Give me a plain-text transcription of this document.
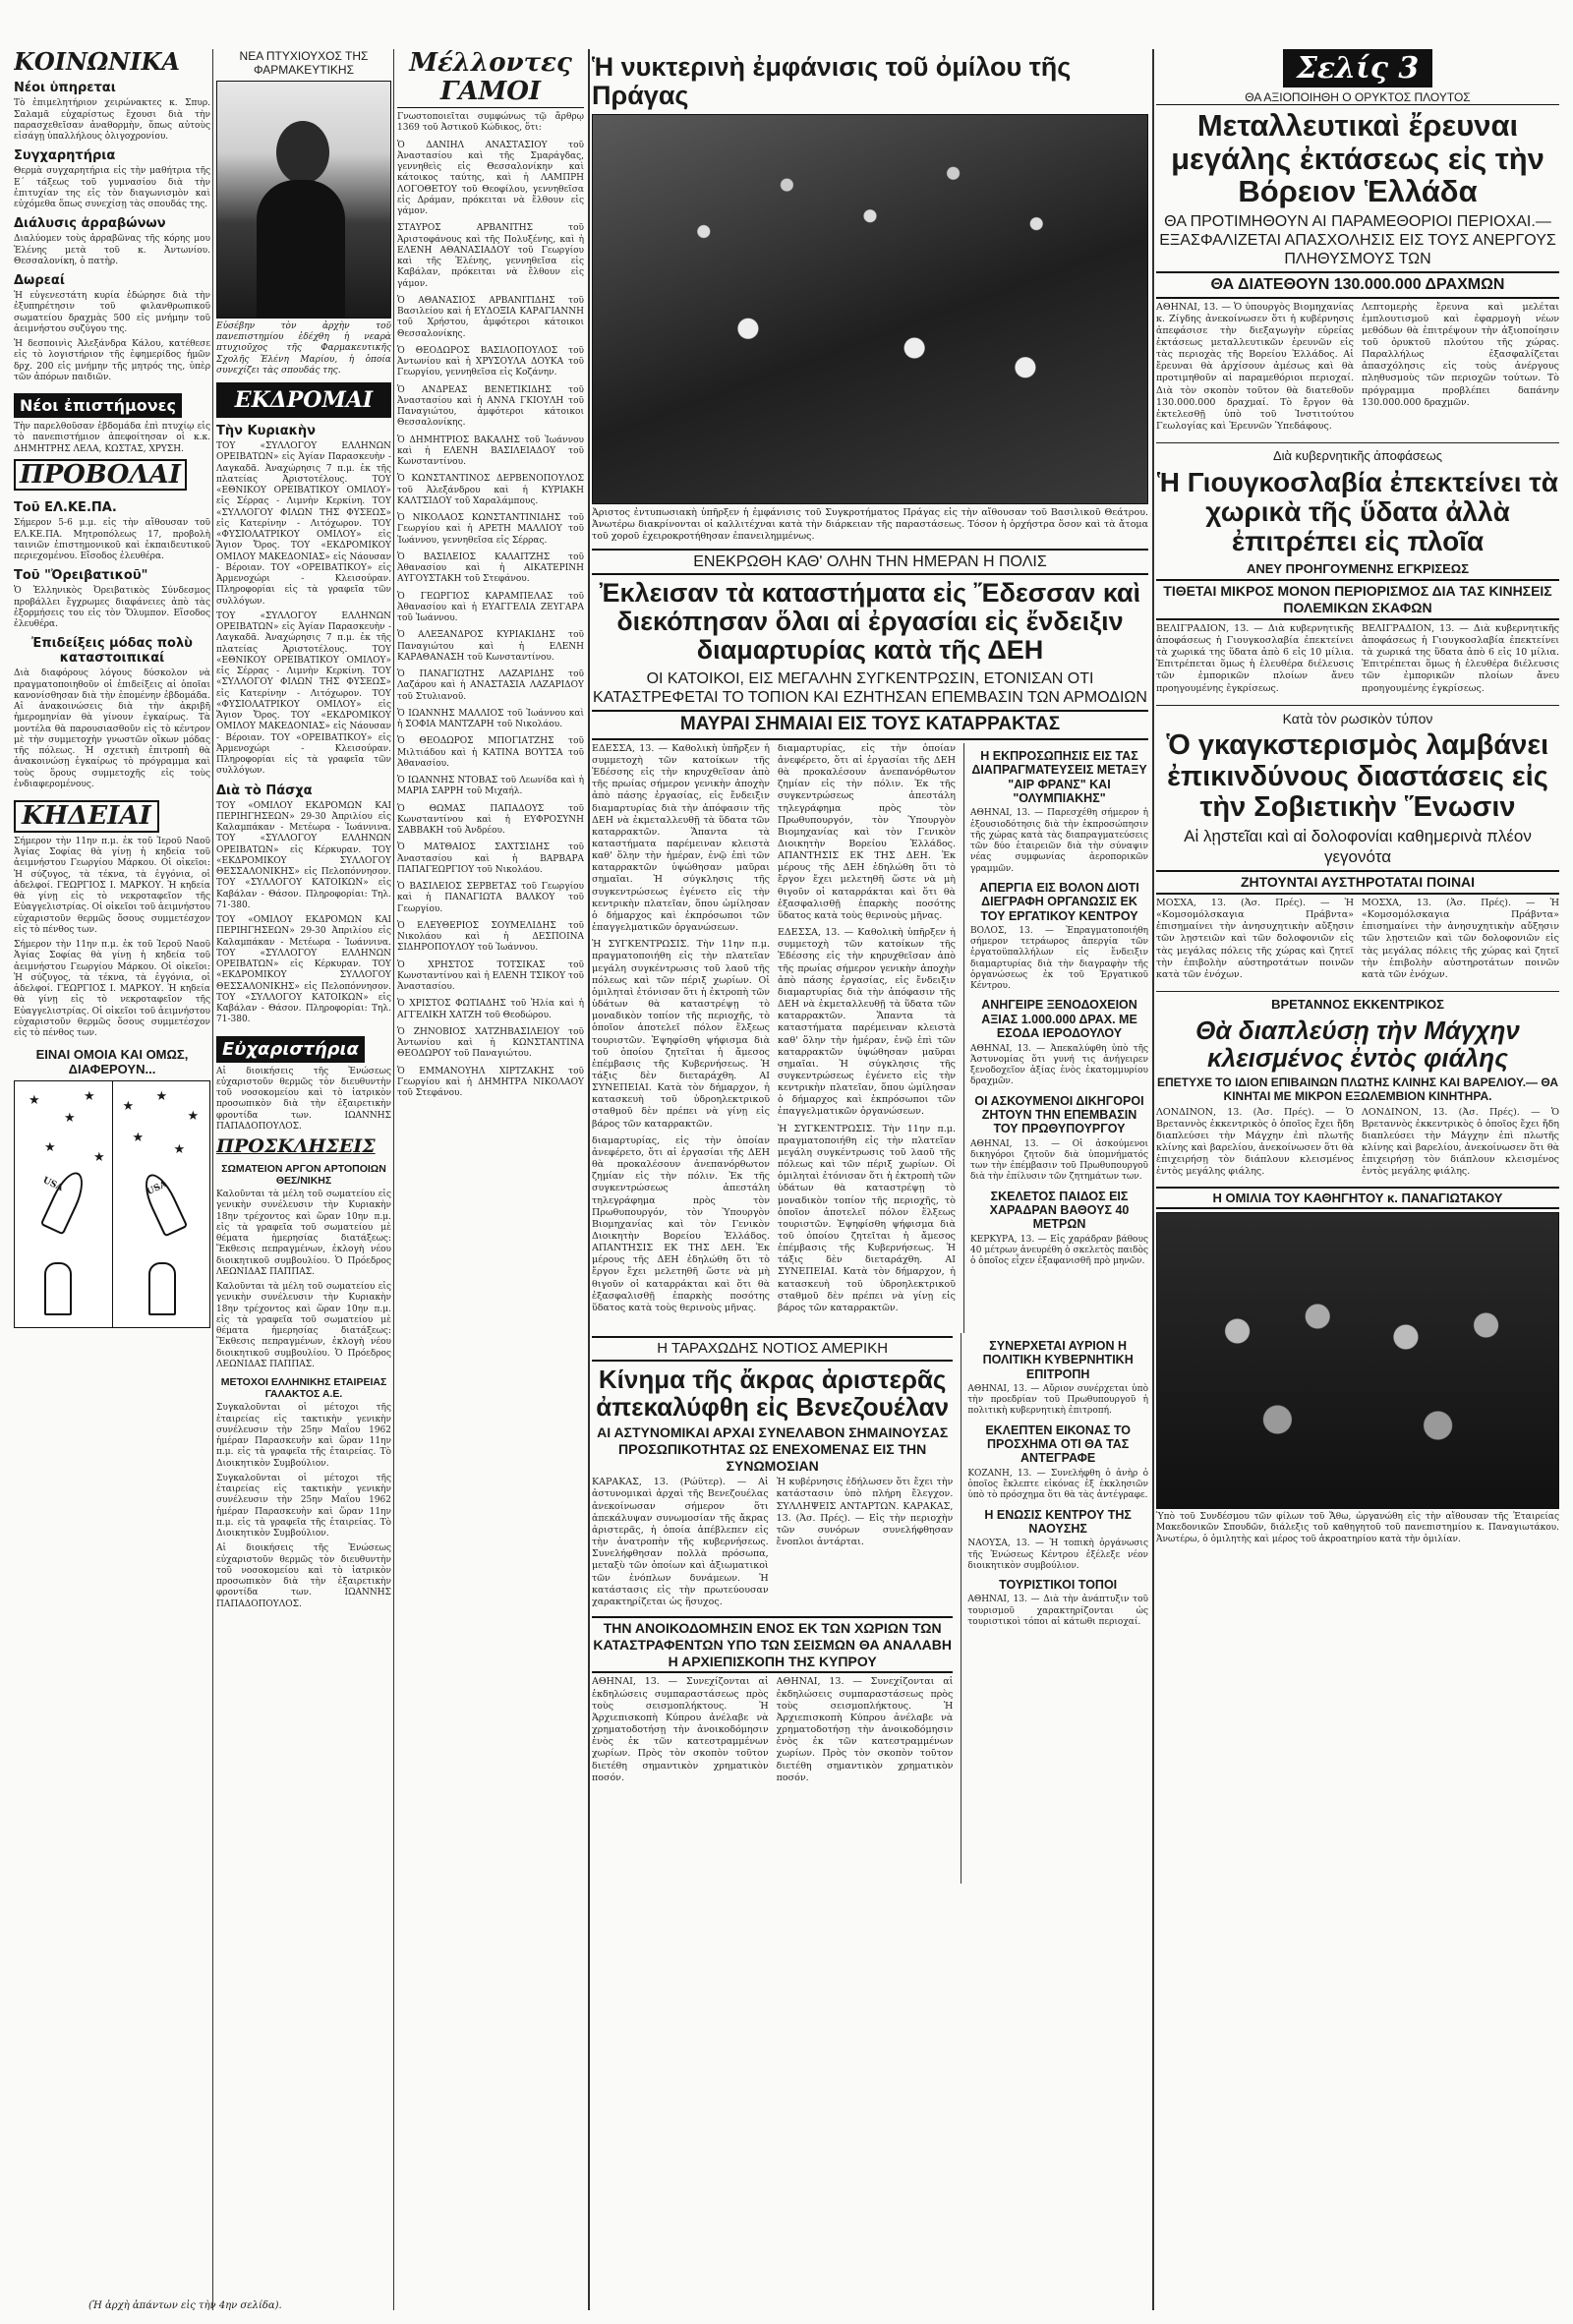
ΚΟΙΝΩΝΙΚΑ
Νέοι ὑπηρεται

Τὸ ἐπιμελητήριον χειρώνακτες κ. Σπυρ. Σαλαμᾶ εὐχαρίστως ἔχουσι διὰ τὴν παρασχεθεῖσαν ἀναθορμὴν, ὅπως αὐτοὺς εἰσάγῃ ὑπαλλήλους ὀλιγοχρονίου.

Συγχαρητήρια

Θερμὰ συγχαρητήρια εἰς τὴν μαθήτρια τῆς Ε΄ τάξεως τοῦ γυμνασίου διὰ τὴν ἐπιτυχίαν της εἰς τὸν διαγωνισμὸν καὶ εὐχόμεθα ὅπως συνεχίσῃ τὰς σπουδάς της.

Διάλυσις ἀρραβώνων

Διαλύομεν τοὺς ἀρραβῶνας τῆς κόρης μου Ἑλένης μετὰ τοῦ κ. Ἀντωνίου. Θεσσαλονίκη, ὁ πατὴρ.

Δωρεαί

Ἡ εὐγενεστάτη κυρία ἐδώρησε διὰ τὴν ἐξυπηρέτησιν τοῦ φιλανθρωπικοῦ σωματείου δραχμὰς 500 εἰς μνήμην τοῦ ἀειμνήστου συζύγου της.

Ἡ δεσποινὶς Ἀλεξάνδρα Κάλου, κατέθεσε εἰς τὸ λογιστήριον τῆς ἐφημερίδος ἡμῶν δρχ. 200 εἰς μνήμην τῆς μητρός της, ὑπὲρ τῶν ἀπόρων παιδιῶν.

Νέοι ἐπιστήμονες

Τὴν παρελθοῦσαν ἑβδομάδα ἐπὶ πτυχίῳ εἰς τὸ πανεπιστήμιον ἀπεφοίτησαν οἱ κ.κ. ΔΗΜΗΤΡΗΣ ΛΕΛΑ, ΚΩΣΤΑΣ, ΧΡΥΣΗ.

ΠΡΟΒΟΛΑΙ
Τοῦ ΕΛ.ΚΕ.ΠΑ.

Σήμερον 5-6 μ.μ. εἰς τὴν αἴθουσαν τοῦ ΕΛ.ΚΕ.ΠΑ. Μητροπόλεως 17, προβολὴ ταινιῶν ἐπιστημονικοῦ καὶ ἐκπαιδευτικοῦ περιεχομένου. Εἴσοδος ἐλευθέρα.

Τοῦ "Ὀρειβατικοῦ"

Ὁ Ἑλληνικὸς Ὀρειβατικὸς Σύνδεσμος προβάλλει ἔγχρωμες διαφάνειες ἀπὸ τὰς ἐξορμήσεις του εἰς τὸν Ὄλυμπον. Εἴσοδος ἐλευθέρα.

Ἐπιδείξεις μόδας πολὺ καταστοιπικαί

Διὰ διαφόρους λόγους δύσκολον νὰ πραγματοποιηθοῦν οἱ ἐπιδείξεις αἱ ὁποῖαι κανονίσθησαν διὰ τὴν ἐπομένην ἑβδομάδα. Αἱ ἀνακοινώσεις διὰ τὴν ἀκριβῆ ἡμερομηνίαν θὰ γίνουν ἐγκαίρως. Τὰ μοντέλα θὰ παρουσιασθοῦν εἰς τὸ κέντρον μὲ τὴν συμμετοχὴν γνωστῶν οἴκων μόδας τῆς πόλεως. Ἡ σχετικὴ ἐπιτροπὴ θὰ ἀνακοινώσῃ ἐγκαίρως τὸ πρόγραμμα καὶ τοὺς ὅρους συμμετοχῆς εἰς τοὺς ἐνδιαφερομένους.

ΚΗΔΕΙΑΙ

Σήμερον τὴν 11ην π.μ. ἐκ τοῦ Ἱεροῦ Ναοῦ Ἁγίας Σοφίας θὰ γίνῃ ἡ κηδεία τοῦ ἀειμνήστου Γεωργίου Μάρκου. Οἱ οἰκεῖοι: Ἡ σύζυγος, τὰ τέκνα, τὰ ἐγγόνια, οἱ ἀδελφοί. ΓΕΩΡΓΙΟΣ Ι. ΜΑΡΚΟΥ. Ἡ κηδεία θὰ γίνῃ εἰς τὸ νεκροταφεῖον τῆς Εὐαγγελιστρίας. Οἱ οἰκεῖοι τοῦ ἀειμνήστου εὐχαριστοῦν θερμῶς ὅσους συμμετέσχον εἰς τὸ πένθος των.

Σήμερον τὴν 11ην π.μ. ἐκ τοῦ Ἱεροῦ Ναοῦ Ἁγίας Σοφίας θὰ γίνῃ ἡ κηδεία τοῦ ἀειμνήστου Γεωργίου Μάρκου. Οἱ οἰκεῖοι: Ἡ σύζυγος, τὰ τέκνα, τὰ ἐγγόνια, οἱ ἀδελφοί. ΓΕΩΡΓΙΟΣ Ι. ΜΑΡΚΟΥ. Ἡ κηδεία θὰ γίνῃ εἰς τὸ νεκροταφεῖον τῆς Εὐαγγελιστρίας. Οἱ οἰκεῖοι τοῦ ἀειμνήστου εὐχαριστοῦν θερμῶς ὅσους συμμετέσχον εἰς τὸ πένθος των.

ΕΙΝΑΙ ΟΜΟΙΑ ΚΑΙ ΟΜΩΣ, ΔΙΑΦΕΡΟΥΝ...
★
★
★
★
★
USA
★
★
★
★
★
USA
ΝΕΑ ΠΤΥΧΙΟΥΧΟΣ ΤΗΣ ΦΑΡΜΑΚΕΥΤΙΚΗΣ

Εὐσέβην τὸν ἀρχὴν τοῦ πανεπιστημίου ἐδέχθη ἡ νεαρὰ πτυχιοῦχος τῆς Φαρμακευτικῆς Σχολῆς Ἑλένη Μαρίου, ἡ ὁποία συνεχίζει τὰς σπουδάς της.

ΕΚΔΡΟΜΑΙ
Τὴν Κυριακὴν

ΤΟΥ «ΣΥΛΛΟΓΟΥ ΕΛΛΗΝΩΝ ΟΡΕΙΒΑΤΩΝ» εἰς Ἀγίαν Παρασκευὴν - Λαγκαδᾶ. Ἀναχώρησις 7 π.μ. ἐκ τῆς πλατείας Ἀριστοτέλους. ΤΟΥ «ΕΘΝΙΚΟΥ ΟΡΕΙΒΑΤΙΚΟΥ ΟΜΙΛΟΥ» εἰς Σέρρας - Λιμνὴν Κερκίνη. ΤΟΥ «ΣΥΛΛΟΓΟΥ ΦΙΛΩΝ ΤΗΣ ΦΥΣΕΩΣ» εἰς Κατερίνην - Λιτόχωρον. ΤΟΥ «ΦΥΣΙΟΛΑΤΡΙΚΟΥ ΟΜΙΛΟΥ» εἰς Ἄγιον Ὄρος. ΤΟΥ «ΕΚΔΡΟΜΙΚΟΥ ΟΜΙΛΟΥ ΜΑΚΕΔΟΝΙΑΣ» εἰς Νάουσαν - Βέροιαν. ΤΟΥ «ΟΡΕΙΒΑΤΙΚΟΥ» εἰς Ἀρμενοχώρι - Κλεισούραν. Πληροφορίαι εἰς τὰ γραφεῖα τῶν συλλόγων.

ΤΟΥ «ΣΥΛΛΟΓΟΥ ΕΛΛΗΝΩΝ ΟΡΕΙΒΑΤΩΝ» εἰς Ἀγίαν Παρασκευὴν - Λαγκαδᾶ. Ἀναχώρησις 7 π.μ. ἐκ τῆς πλατείας Ἀριστοτέλους. ΤΟΥ «ΕΘΝΙΚΟΥ ΟΡΕΙΒΑΤΙΚΟΥ ΟΜΙΛΟΥ» εἰς Σέρρας - Λιμνὴν Κερκίνη. ΤΟΥ «ΣΥΛΛΟΓΟΥ ΦΙΛΩΝ ΤΗΣ ΦΥΣΕΩΣ» εἰς Κατερίνην - Λιτόχωρον. ΤΟΥ «ΦΥΣΙΟΛΑΤΡΙΚΟΥ ΟΜΙΛΟΥ» εἰς Ἄγιον Ὄρος. ΤΟΥ «ΕΚΔΡΟΜΙΚΟΥ ΟΜΙΛΟΥ ΜΑΚΕΔΟΝΙΑΣ» εἰς Νάουσαν - Βέροιαν. ΤΟΥ «ΟΡΕΙΒΑΤΙΚΟΥ» εἰς Ἀρμενοχώρι - Κλεισούραν. Πληροφορίαι εἰς τὰ γραφεῖα τῶν συλλόγων.

Διὰ τὸ Πάσχα

ΤΟΥ «ΟΜΙΛΟΥ ΕΚΔΡΟΜΩΝ ΚΑΙ ΠΕΡΙΗΓΗΣΕΩΝ» 29-30 Ἀπριλίου εἰς Καλαμπάκαν - Μετέωρα - Ἰωάννινα. ΤΟΥ «ΣΥΛΛΟΓΟΥ ΕΛΛΗΝΩΝ ΟΡΕΙΒΑΤΩΝ» εἰς Κέρκυραν. ΤΟΥ «ΕΚΔΡΟΜΙΚΟΥ ΣΥΛΛΟΓΟΥ ΘΕΣΣΑΛΟΝΙΚΗΣ» εἰς Πελοπόννησον. ΤΟΥ «ΣΥΛΛΟΓΟΥ ΚΑΤΟΙΚΩΝ» εἰς Καβάλαν - Θάσον. Πληροφορίαι: Τηλ. 71-380.

ΤΟΥ «ΟΜΙΛΟΥ ΕΚΔΡΟΜΩΝ ΚΑΙ ΠΕΡΙΗΓΗΣΕΩΝ» 29-30 Ἀπριλίου εἰς Καλαμπάκαν - Μετέωρα - Ἰωάννινα. ΤΟΥ «ΣΥΛΛΟΓΟΥ ΕΛΛΗΝΩΝ ΟΡΕΙΒΑΤΩΝ» εἰς Κέρκυραν. ΤΟΥ «ΕΚΔΡΟΜΙΚΟΥ ΣΥΛΛΟΓΟΥ ΘΕΣΣΑΛΟΝΙΚΗΣ» εἰς Πελοπόννησον. ΤΟΥ «ΣΥΛΛΟΓΟΥ ΚΑΤΟΙΚΩΝ» εἰς Καβάλαν - Θάσον. Πληροφορίαι: Τηλ. 71-380.

Εὐχαριστήρια

Αἱ διοικήσεις τῆς Ἑνώσεως εὐχαριστοῦν θερμῶς τὸν διευθυντὴν τοῦ νοσοκομείου καὶ τὸ ἰατρικὸν προσωπικὸν διὰ τὴν ἐξαιρετικὴν φροντίδα των. ΙΩΑΝΝΗΣ ΠΑΠΑΔΟΠΟΥΛΟΣ.

ΠΡΟΣΚΛΗΣΕΙΣ
ΣΩΜΑΤΕΙΟΝ ΑΡΓΟΝ ΑΡΤΟΠΟΙΩΝ ΘΕΣ/ΝΙΚΗΣ

Καλοῦνται τὰ μέλη τοῦ σωματείου εἰς γενικὴν συνέλευσιν τὴν Κυριακὴν 18ην τρέχοντος καὶ ὥραν 10ην π.μ. εἰς τὰ γραφεῖα τοῦ σωματείου μὲ θέματα ἡμερησίας διατάξεως: Ἔκθεσις πεπραγμένων, ἐκλογὴ νέου διοικητικοῦ συμβουλίου. Ὁ Πρόεδρος ΛΕΩΝΙΔΑΣ ΠΑΠΠΑΣ.

Καλοῦνται τὰ μέλη τοῦ σωματείου εἰς γενικὴν συνέλευσιν τὴν Κυριακὴν 18ην τρέχοντος καὶ ὥραν 10ην π.μ. εἰς τὰ γραφεῖα τοῦ σωματείου μὲ θέματα ἡμερησίας διατάξεως: Ἔκθεσις πεπραγμένων, ἐκλογὴ νέου διοικητικοῦ συμβουλίου. Ὁ Πρόεδρος ΛΕΩΝΙΔΑΣ ΠΑΠΠΑΣ.

ΜΕΤΟΧΟΙ ΕΛΛΗΝΙΚΗΣ ΕΤΑΙΡΕΙΑΣ ΓΑΛΑΚΤΟΣ Α.Ε.

Συγκαλοῦνται οἱ μέτοχοι τῆς ἐταιρείας εἰς τακτικὴν γενικὴν συνέλευσιν τὴν 25ην Μαΐου 1962 ἡμέραν Παρασκευὴν καὶ ὥραν 11ην π.μ. εἰς τὰ γραφεῖα τῆς ἐταιρείας. Τὸ Διοικητικὸν Συμβούλιον.

Συγκαλοῦνται οἱ μέτοχοι τῆς ἐταιρείας εἰς τακτικὴν γενικὴν συνέλευσιν τὴν 25ην Μαΐου 1962 ἡμέραν Παρασκευὴν καὶ ὥραν 11ην π.μ. εἰς τὰ γραφεῖα τῆς ἐταιρείας. Τὸ Διοικητικὸν Συμβούλιον.

Αἱ διοικήσεις τῆς Ἑνώσεως εὐχαριστοῦν θερμῶς τὸν διευθυντὴν τοῦ νοσοκομείου καὶ τὸ ἰατρικὸν προσωπικὸν διὰ τὴν ἐξαιρετικὴν φροντίδα των. ΙΩΑΝΝΗΣ ΠΑΠΑΔΟΠΟΥΛΟΣ.

Μέλλοντες ΓΑΜΟΙ

Γνωστοποιεῖται συμφώνως τῷ ἄρθρῳ 1369 τοῦ Ἀστικοῦ Κώδικος, ὅτι:

Ὁ ΔΑΝΙΗΛ ΑΝΑΣΤΑΣΙΟΥ τοῦ Ἀναστασίου καὶ τῆς Σμαράγδας, γεννηθεὶς εἰς Θεσσαλονίκην καὶ κάτοικος ταύτης, καὶ ἡ ΛΑΜΠΡΗ ΛΟΓΟΘΕΤΟΥ τοῦ Θεοφίλου, γεννηθεῖσα εἰς Δράμαν, πρόκειται νὰ ἔλθουν εἰς γάμον.

ΣΤΑΥΡΟΣ ΑΡΒΑΝΙΤΗΣ τοῦ Ἀριστοφάνους καὶ τῆς Πολυξένης, καὶ ἡ ΕΛΕΝΗ ΑΘΑΝΑΣΙΑΔΟΥ τοῦ Γεωργίου καὶ τῆς Ἑλένης, γεννηθεῖσα εἰς Καβάλαν, πρόκειται νὰ ἔλθουν εἰς γάμον.

Ὁ ΑΘΑΝΑΣΙΟΣ ΑΡΒΑΝΙΤΙΔΗΣ τοῦ Βασιλείου καὶ ἡ ΕΥΔΟΞΙΑ ΚΑΡΑΓΙΑΝΝΗ τοῦ Χρήστου, ἀμφότεροι κάτοικοι Θεσσαλονίκης.

Ὁ ΘΕΟΔΩΡΟΣ ΒΑΣΙΛΟΠΟΥΛΟΣ τοῦ Ἀντωνίου καὶ ἡ ΧΡΥΣΟΥΛΑ ΔΟΥΚΑ τοῦ Γεωργίου, γεννηθεῖσα εἰς Κοζάνην.

Ὁ ΑΝΔΡΕΑΣ ΒΕΝΕΤΙΚΙΔΗΣ τοῦ Ἀναστασίου καὶ ἡ ΑΝΝΑ ΓΚΙΟΥΛΗ τοῦ Παναγιώτου, ἀμφότεροι κάτοικοι Θεσσαλονίκης.

Ὁ ΔΗΜΗΤΡΙΟΣ ΒΑΚΑΛΗΣ τοῦ Ἰωάννου καὶ ἡ ΕΛΕΝΗ ΒΑΣΙΛΕΙΑΔΟΥ τοῦ Κωνσταντίνου.

Ὁ ΚΩΝΣΤΑΝΤΙΝΟΣ ΔΕΡΒΕΝΟΠΟΥΛΟΣ τοῦ Ἀλεξάνδρου καὶ ἡ ΚΥΡΙΑΚΗ ΚΑΛΤΣΙΔΟΥ τοῦ Χαραλάμπους.

Ὁ ΝΙΚΟΛΑΟΣ ΚΩΝΣΤΑΝΤΙΝΙΔΗΣ τοῦ Γεωργίου καὶ ἡ ΑΡΕΤΗ ΜΑΛΛΙΟΥ τοῦ Ἰωάννου, γεννηθεῖσα εἰς Σέρρας.

Ὁ ΒΑΣΙΛΕΙΟΣ ΚΑΛΑΙΤΖΗΣ τοῦ Ἀθανασίου καὶ ἡ ΑΙΚΑΤΕΡΙΝΗ ΑΥΓΟΥΣΤΑΚΗ τοῦ Στεφάνου.

Ὁ ΓΕΩΡΓΙΟΣ ΚΑΡΑΜΠΕΛΑΣ τοῦ Ἀθανασίου καὶ ἡ ΕΥΑΓΓΕΛΙΑ ΖΕΥΓΑΡΑ τοῦ Ἰωάννου.

Ὁ ΑΛΕΞΑΝΔΡΟΣ ΚΥΡΙΑΚΙΔΗΣ τοῦ Παναγιώτου καὶ ἡ ΕΛΕΝΗ ΚΑΡΑΘΑΝΑΣΗ τοῦ Κωνσταντίνου.

Ὁ ΠΑΝΑΓΙΩΤΗΣ ΛΑΖΑΡΙΔΗΣ τοῦ Λαζάρου καὶ ἡ ΑΝΑΣΤΑΣΙΑ ΛΑΖΑΡΙΔΟΥ τοῦ Στυλιανοῦ.

Ὁ ΙΩΑΝΝΗΣ ΜΑΛΛΙΟΣ τοῦ Ἰωάννου καὶ ἡ ΣΟΦΙΑ ΜΑΝΤΖΑΡΗ τοῦ Νικολάου.

Ὁ ΘΕΟΔΩΡΟΣ ΜΠΟΓΙΑΤΖΗΣ τοῦ Μιλτιάδου καὶ ἡ ΚΑΤΙΝΑ ΒΟΥΤΣΑ τοῦ Ἀθανασίου.

Ὁ ΙΩΑΝΝΗΣ ΝΤΟΒΑΣ τοῦ Λεωνίδα καὶ ἡ ΜΑΡΙΑ ΣΑΡΡΗ τοῦ Μιχαήλ.

Ὁ ΘΩΜΑΣ ΠΑΠΑΔΟΥΣ τοῦ Κωνσταντίνου καὶ ἡ ΕΥΦΡΟΣΥΝΗ ΣΑΒΒΑΚΗ τοῦ Ἀνδρέου.

Ὁ ΜΑΤΘΑΙΟΣ ΣΑΧΤΣΙΔΗΣ τοῦ Ἀναστασίου καὶ ἡ ΒΑΡΒΑΡΑ ΠΑΠΑΓΕΩΡΓΙΟΥ τοῦ Νικολάου.

Ὁ ΒΑΣΙΛΕΙΟΣ ΣΕΡΒΕΤΑΣ τοῦ Γεωργίου καὶ ἡ ΠΑΝΑΓΙΩΤΑ ΒΑΛΚΟΥ τοῦ Γεωργίου.

Ὁ ΕΛΕΥΘΕΡΙΟΣ ΣΟΥΜΕΛΙΔΗΣ τοῦ Νικολάου καὶ ἡ ΔΕΣΠΟΙΝΑ ΣΙΔΗΡΟΠΟΥΛΟΥ τοῦ Ἰωάννου.

Ὁ ΧΡΗΣΤΟΣ ΤΟΤΣΙΚΑΣ τοῦ Κωνσταντίνου καὶ ἡ ΕΛΕΝΗ ΤΣΙΚΟΥ τοῦ Ἀναστασίου.

Ὁ ΧΡΙΣΤΟΣ ΦΩΤΙΑΔΗΣ τοῦ Ἠλία καὶ ἡ ΑΓΓΕΛΙΚΗ ΧΑΤΖΗ τοῦ Θεοδώρου.

Ὁ ΖΗΝΟΒΙΟΣ ΧΑΤΖΗΒΑΣΙΛΕΙΟΥ τοῦ Ἀντωνίου καὶ ἡ ΚΩΝΣΤΑΝΤΙΝΑ ΘΕΟΔΩΡΟΥ τοῦ Παναγιώτου.

Ὁ ΕΜΜΑΝΟΥΗΛ ΧΙΡΤΖΑΚΗΣ τοῦ Γεωργίου καὶ ἡ ΔΗΜΗΤΡΑ ΝΙΚΟΛΑΟΥ τοῦ Στεφάνου.

Ἡ νυκτερινὴ ἐμφάνισις τοῦ ὀμίλου τῆς Πράγας

Ἀριστος ἐντυπωσιακὴ ὑπῆρξεν ἡ ἐμφάνισις τοῦ Συγκροτήματος Πράγας εἰς τὴν αἴθουσαν τοῦ Βασιλικοῦ Θεάτρου. Ἀνωτέρω διακρίνονται οἱ καλλιτέχναι κατὰ τὴν διάρκειαν τῆς παραστάσεως. Τόσον ἡ ὀρχήστρα ὅσον καὶ τὰ ἄτομα τοῦ χοροῦ ἐχειροκροτήθησαν ἐπανειλημμένως.

ΕΝΕΚΡΩΘΗ ΚΑΘ' ΟΛΗΝ ΤΗΝ ΗΜΕΡΑΝ Η ΠΟΛΙΣ
Ἐκλεισαν τὰ καταστήματα εἰς Ἔδεσσαν καὶ διεκόπησαν ὅλαι αἱ ἐργασίαι εἰς ἔνδειξιν διαμαρτυρίας κατὰ τῆς ΔΕΗ
ΟΙ ΚΑΤΟΙΚΟΙ, ΕΙΣ ΜΕΓΑΛΗΝ ΣΥΓΚΕΝΤΡΩΣΙΝ, ΕΤΟΝΙΣΑΝ ΟΤΙ ΚΑΤΑΣΤΡΕΦΕΤΑΙ ΤΟ ΤΟΠΙΟΝ ΚΑΙ ΕΖΗΤΗΣΑΝ ΕΠΕΜΒΑΣΙΝ ΤΩΝ ΑΡΜΟΔΙΩΝ
ΜΑΥΡΑΙ ΣΗΜΑΙΑΙ ΕΙΣ ΤΟΥΣ ΚΑΤΑΡΡΑΚΤΑΣ

ΕΔΕΣΣΑ, 13. — Καθολικὴ ὑπῆρξεν ἡ συμμετοχὴ τῶν κατοίκων τῆς Ἐδέσσης εἰς τὴν κηρυχθεῖσαν ἀπὸ τῆς πρωίας σήμερον γενικὴν ἀποχὴν ἀπὸ πάσης ἐργασίας, εἰς ἔνδειξιν διαμαρτυρίας διὰ τὴν ἀπόφασιν τῆς ΔΕΗ νὰ ἐκμεταλλευθῇ τὰ ὕδατα τῶν καταρρακτῶν. Ἅπαντα τὰ καταστήματα παρέμειναν κλειστὰ καθ' ὅλην τὴν ἡμέραν, ἐνῷ ἐπὶ τῶν καταρρακτῶν ὑψώθησαν μαῦραι σημαῖαι. Ἡ σύγκλησις τῆς συγκεντρώσεως ἐγένετο εἰς τὴν κεντρικὴν πλατεῖαν, ὅπου ὡμίλησαν ὁ δήμαρχος καὶ ἐκπρόσωποι τῶν ἐπαγγελματικῶν ὀργανώσεων.

Ἡ ΣΥΓΚΕΝΤΡΩΣΙΣ. Τὴν 11ην π.μ. πραγματοποιήθη εἰς τὴν πλατεῖαν μεγάλη συγκέντρωσις τοῦ λαοῦ τῆς πόλεως καὶ τῶν πέριξ χωρίων. Οἱ ὁμιληταὶ ἐτόνισαν ὅτι ἡ ἐκτροπὴ τῶν ὑδάτων θὰ καταστρέψῃ τὸ μοναδικὸν τοπίον τῆς περιοχῆς, τὸ ὁποῖον ἀποτελεῖ πόλον ἕλξεως τουριστῶν. Ἐψηφίσθη ψήφισμα διὰ τοῦ ὁποίου ζητεῖται ἡ ἄμεσος ἐπέμβασις τῆς Κυβερνήσεως. Ἡ τάξις δὲν διεταράχθη. ΑΙ ΣΥΝΕΠΕΙΑΙ. Κατὰ τὸν δήμαρχον, ἡ κατασκευὴ τοῦ ὑδροηλεκτρικοῦ σταθμοῦ δὲν πρέπει νὰ γίνῃ εἰς βάρος τῶν καταρρακτῶν.

διαμαρτυρίας, εἰς τὴν ὁποίαν ἀνεφέρετο, ὅτι αἱ ἐργασίαι τῆς ΔΕΗ θὰ προκαλέσουν ἀνεπανόρθωτον ζημίαν εἰς τὴν πόλιν. Ἐκ τῆς συγκεντρώσεως ἀπεστάλη τηλεγράφημα πρὸς τὸν Πρωθυπουργόν, τὸν Ὑπουργὸν Βιομηχανίας καὶ τὸν Γενικὸν Διοικητὴν Βορείου Ἑλλάδος. ΑΠΑΝΤΗΣΙΣ ΕΚ ΤΗΣ ΔΕΗ. Ἐκ μέρους τῆς ΔΕΗ ἐδηλώθη ὅτι τὸ ἔργον ἔχει μελετηθῆ ὥστε νὰ μὴ θιγοῦν οἱ καταρράκται καὶ ὅτι θὰ ἐξασφαλισθῇ ἐπαρκὴς ποσότης ὕδατος κατὰ τοὺς θερινοὺς μῆνας.

διαμαρτυρίας, εἰς τὴν ὁποίαν ἀνεφέρετο, ὅτι αἱ ἐργασίαι τῆς ΔΕΗ θὰ προκαλέσουν ἀνεπανόρθωτον ζημίαν εἰς τὴν πόλιν. Ἐκ τῆς συγκεντρώσεως ἀπεστάλη τηλεγράφημα πρὸς τὸν Πρωθυπουργόν, τὸν Ὑπουργὸν Βιομηχανίας καὶ τὸν Γενικὸν Διοικητὴν Βορείου Ἑλλάδος. ΑΠΑΝΤΗΣΙΣ ΕΚ ΤΗΣ ΔΕΗ. Ἐκ μέρους τῆς ΔΕΗ ἐδηλώθη ὅτι τὸ ἔργον ἔχει μελετηθῆ ὥστε νὰ μὴ θιγοῦν οἱ καταρράκται καὶ ὅτι θὰ ἐξασφαλισθῇ ἐπαρκὴς ποσότης ὕδατος κατὰ τοὺς θερινοὺς μῆνας.

ΕΔΕΣΣΑ, 13. — Καθολικὴ ὑπῆρξεν ἡ συμμετοχὴ τῶν κατοίκων τῆς Ἐδέσσης εἰς τὴν κηρυχθεῖσαν ἀπὸ τῆς πρωίας σήμερον γενικὴν ἀποχὴν ἀπὸ πάσης ἐργασίας, εἰς ἔνδειξιν διαμαρτυρίας διὰ τὴν ἀπόφασιν τῆς ΔΕΗ νὰ ἐκμεταλλευθῇ τὰ ὕδατα τῶν καταρρακτῶν. Ἅπαντα τὰ καταστήματα παρέμειναν κλειστὰ καθ' ὅλην τὴν ἡμέραν, ἐνῷ ἐπὶ τῶν καταρρακτῶν ὑψώθησαν μαῦραι σημαῖαι. Ἡ σύγκλησις τῆς συγκεντρώσεως ἐγένετο εἰς τὴν κεντρικὴν πλατεῖαν, ὅπου ὡμίλησαν ὁ δήμαρχος καὶ ἐκπρόσωποι τῶν ἐπαγγελματικῶν ὀργανώσεων.

Ἡ ΣΥΓΚΕΝΤΡΩΣΙΣ. Τὴν 11ην π.μ. πραγματοποιήθη εἰς τὴν πλατεῖαν μεγάλη συγκέντρωσις τοῦ λαοῦ τῆς πόλεως καὶ τῶν πέριξ χωρίων. Οἱ ὁμιληταὶ ἐτόνισαν ὅτι ἡ ἐκτροπὴ τῶν ὑδάτων θὰ καταστρέψῃ τὸ μοναδικὸν τοπίον τῆς περιοχῆς, τὸ ὁποῖον ἀποτελεῖ πόλον ἕλξεως τουριστῶν. Ἐψηφίσθη ψήφισμα διὰ τοῦ ὁποίου ζητεῖται ἡ ἄμεσος ἐπέμβασις τῆς Κυβερνήσεως. Ἡ τάξις δὲν διεταράχθη. ΑΙ ΣΥΝΕΠΕΙΑΙ. Κατὰ τὸν δήμαρχον, ἡ κατασκευὴ τοῦ ὑδροηλεκτρικοῦ σταθμοῦ δὲν πρέπει νὰ γίνῃ εἰς βάρος τῶν καταρρακτῶν.

Η ΕΚΠΡΟΣΩΠΗΣΙΣ ΕΙΣ ΤΑΣ ΔΙΑΠΡΑΓΜΑΤΕΥΣΕΙΣ ΜΕΤΑΞΥ "ΑΙΡ ΦΡΑΝΣ" ΚΑΙ "ΟΛΥΜΠΙΑΚΗΣ"

ΑΘΗΝΑΙ, 13. — Παρεσχέθη σήμερον ἡ ἐξουσιοδότησις διὰ τὴν ἐκπροσώπησιν τῆς χώρας κατὰ τὰς διαπραγματεύσεις τῶν δύο ἑταιρειῶν διὰ τὴν σύναψιν νέας συμφωνίας ἀεροπορικῶν γραμμῶν.

ΑΠΕΡΓΙΑ ΕΙΣ ΒΟΛΟΝ ΔΙΟΤΙ ΔΙΕΓΡΑΦΗ ΟΡΓΑΝΩΣΙΣ ΕΚ ΤΟΥ ΕΡΓΑΤΙΚΟΥ ΚΕΝΤΡΟΥ

ΒΟΛΟΣ, 13. — Ἐπραγματοποιήθη σήμερον τετράωρος ἀπεργία τῶν ἐργατοϋπαλλήλων εἰς ἔνδειξιν διαμαρτυρίας διὰ τὴν διαγραφὴν τῆς ὀργανώσεως ἐκ τοῦ Ἐργατικοῦ Κέντρου.

ΑΝΗΓΕΙΡΕ ΞΕΝΟΔΟΧΕΙΟΝ ΑΞΙΑΣ 1.000.000 ΔΡΑΧ. ΜΕ ΕΣΟΔΑ ΙΕΡΟΔΟΥΛΟΥ

ΑΘΗΝΑΙ, 13. — Ἀπεκαλύφθη ὑπὸ τῆς Ἀστυνομίας ὅτι γυνή τις ἀνήγειρεν ξενοδοχεῖον ἀξίας ἑνὸς ἑκατομμυρίου δραχμῶν.

ΟΙ ΑΣΚΟΥΜΕΝΟΙ ΔΙΚΗΓΟΡΟΙ ΖΗΤΟΥΝ ΤΗΝ ΕΠΕΜΒΑΣΙΝ ΤΟΥ ΠΡΩΘΥΠΟΥΡΓΟΥ

ΑΘΗΝΑΙ, 13. — Οἱ ἀσκούμενοι δικηγόροι ζητοῦν διὰ ὑπομνήματός των τὴν ἐπέμβασιν τοῦ Πρωθυπουργοῦ διὰ τὴν ἐπίλυσιν τῶν ζητημάτων των.

ΣΚΕΛΕΤΟΣ ΠΑΙΔΟΣ ΕΙΣ ΧΑΡΑΔΡΑΝ ΒΑΘΟΥΣ 40 ΜΕΤΡΩΝ

ΚΕΡΚΥΡΑ, 13. — Εἰς χαράδραν βάθους 40 μέτρων ἀνευρέθη ὁ σκελετὸς παιδὸς ὁ ὁποῖος εἶχεν ἐξαφανισθῆ πρὸ μηνῶν.

Η ΤΑΡΑΧΩΔΗΣ ΝΟΤΙΟΣ ΑΜΕΡΙΚΗ
Κίνημα τῆς ἄκρας ἀριστερᾶς ἀπεκαλύφθη εἰς Βενεζουέλαν
ΑΙ ΑΣΤΥΝΟΜΙΚΑΙ ΑΡΧΑΙ ΣΥΝΕΛΑΒΟΝ ΣΗΜΑΙΝΟΥΣΑΣ ΠΡΟΣΩΠΙΚΟΤΗΤΑΣ ΩΣ ΕΝΕΧΟΜΕΝΑΣ ΕΙΣ ΤΗΝ ΣΥΝΩΜΟΣΙΑΝ

ΚΑΡΑΚΑΣ, 13. (Ρώϋτερ). — Αἱ ἀστυνομικαὶ ἀρχαὶ τῆς Βενεζουέλας ἀνεκοίνωσαν σήμερον ὅτι ἀπεκάλυψαν συνωμοσίαν τῆς ἄκρας ἀριστερᾶς, ἡ ὁποία ἀπέβλεπεν εἰς τὴν ἀνατροπὴν τῆς κυβερνήσεως. Συνελήφθησαν πολλὰ πρόσωπα, μεταξὺ τῶν ὁποίων καὶ ἀξιωματικοὶ τῶν ἐνόπλων δυνάμεων. Ἡ κατάστασις εἰς τὴν πρωτεύουσαν χαρακτηρίζεται ὡς ἥσυχος.

Ἡ κυβέρνησις ἐδήλωσεν ὅτι ἔχει τὴν κατάστασιν ὑπὸ πλήρη ἔλεγχον. ΣΥΛΛΗΨΕΙΣ ΑΝΤΑΡΤΩΝ. ΚΑΡΑΚΑΣ, 13. (Ἀσ. Πρές). — Εἰς τὴν περιοχὴν τῶν συνόρων συνελήφθησαν ἔνοπλοι ἀντάρται.

ΤΗΝ ΑΝΟΙΚΟΔΟΜΗΣΙΝ ΕΝΟΣ ΕΚ ΤΩΝ ΧΩΡΙΩΝ ΤΩΝ ΚΑΤΑΣΤΡΑΦΕΝΤΩΝ ΥΠΟ ΤΩΝ ΣΕΙΣΜΩΝ ΘΑ ΑΝΑΛΑΒΗ Η ΑΡΧΙΕΠΙΣΚΟΠΗ ΤΗΣ ΚΥΠΡΟΥ

ΑΘΗΝΑΙ, 13. — Συνεχίζονται αἱ ἐκδηλώσεις συμπαραστάσεως πρὸς τοὺς σεισμοπλήκτους. Ἡ Ἀρχιεπισκοπὴ Κύπρου ἀνέλαβε νὰ χρηματοδοτήσῃ τὴν ἀνοικοδόμησιν ἑνὸς ἐκ τῶν κατεστραμμένων χωρίων. Πρὸς τὸν σκοπὸν τοῦτον διετέθη σημαντικὸν χρηματικὸν ποσόν.

ΑΘΗΝΑΙ, 13. — Συνεχίζονται αἱ ἐκδηλώσεις συμπαραστάσεως πρὸς τοὺς σεισμοπλήκτους. Ἡ Ἀρχιεπισκοπὴ Κύπρου ἀνέλαβε νὰ χρηματοδοτήσῃ τὴν ἀνοικοδόμησιν ἑνὸς ἐκ τῶν κατεστραμμένων χωρίων. Πρὸς τὸν σκοπὸν τοῦτον διετέθη σημαντικὸν χρηματικὸν ποσόν.

ΣΥΝΕΡΧΕΤΑΙ ΑΥΡΙΟΝ Η ΠΟΛΙΤΙΚΗ ΚΥΒΕΡΝΗΤΙΚΗ ΕΠΙΤΡΟΠΗ

ΑΘΗΝΑΙ, 13. — Αὔριον συνέρχεται ὑπὸ τὴν προεδρίαν τοῦ Πρωθυπουργοῦ ἡ πολιτικὴ κυβερνητικὴ ἐπιτροπή.

ΕΚΛΕΠΤΕΝ ΕΙΚΟΝΑΣ ΤΟ ΠΡΟΣΧΗΜΑ ΟΤΙ ΘΑ ΤΑΣ ΑΝΤΕΓΡΑΦΕ

ΚΟΖΑΝΗ, 13. — Συνελήφθη ὁ ἀνὴρ ὁ ὁποῖος ἔκλεπτε εἰκόνας ἐξ ἐκκλησιῶν ὑπὸ τὸ πρόσχημα ὅτι θὰ τὰς ἀντέγραφε.

Η ΕΝΩΣΙΣ ΚΕΝΤΡΟΥ ΤΗΣ ΝΑΟΥΣΗΣ

ΝΑΟΥΣΑ, 13. — Ἡ τοπικὴ ὀργάνωσις τῆς Ἑνώσεως Κέντρου ἐξέλεξε νέον διοικητικὸν συμβούλιον.

ΤΟΥΡΙΣΤΙΚΟΙ ΤΟΠΟΙ

ΑΘΗΝΑΙ, 13. — Διὰ τὴν ἀνάπτυξιν τοῦ τουρισμοῦ χαρακτηρίζονται ὡς τουριστικοὶ τόποι αἱ κάτωθι περιοχαί.

Σελίς 3
ΘΑ ΑΞΙΟΠΟΙΗΘΗ Ο ΟΡΥΚΤΟΣ ΠΛΟΥΤΟΣ
Μεταλλευτικαὶ ἔρευναι μεγάλης ἐκτάσεως εἰς τὴν Βόρειον Ἑλλάδα
ΘΑ ΠΡΟΤΙΜΗΘΟΥΝ ΑΙ ΠΑΡΑΜΕΘΟΡΙΟΙ ΠΕΡΙΟΧΑΙ.— ΕΞΑΣΦΑΛΙΖΕΤΑΙ ΑΠΑΣΧΟΛΗΣΙΣ ΕΙΣ ΤΟΥΣ ΑΝΕΡΓΟΥΣ ΠΛΗΘΥΣΜΟΥΣ ΤΩΝ
ΘΑ ΔΙΑΤΕΘΟΥΝ 130.000.000 ΔΡΑΧΜΩΝ

ΑΘΗΝΑΙ, 13. — Ὁ ὑπουργὸς Βιομηχανίας κ. Ζίγδης ἀνεκοίνωσεν ὅτι ἡ κυβέρνησις ἀπεφάσισε τὴν διεξαγωγὴν εὐρείας ἐκτάσεως μεταλλευτικῶν ἐρευνῶν εἰς τὰς περιοχὰς τῆς Βορείου Ἑλλάδος. Αἱ ἔρευναι θὰ ἀρχίσουν ἀμέσως καὶ θὰ προτιμηθοῦν αἱ παραμεθόριοι περιοχαί. Διὰ τὸν σκοπὸν τοῦτον θὰ διατεθοῦν 130.000.000 δραχμαί. Τὸ ἔργον θὰ ἐκτελεσθῇ ὑπὸ τοῦ Ἰνστιτούτου Γεωλογίας καὶ Ἐρευνῶν Ὑπεδάφους.

Λεπτομερὴς ἔρευνα καὶ μελέται ἐμπλουτισμοῦ καὶ ἐφαρμογὴ νέων μεθόδων θὰ ἐπιτρέψουν τὴν ἀξιοποίησιν τοῦ ὀρυκτοῦ πλούτου τῆς χώρας. Παραλλήλως ἐξασφαλίζεται ἀπασχόλησις εἰς τοὺς ἀνέργους πληθυσμοὺς τῶν περιοχῶν τούτων. Τὸ πρόγραμμα προβλέπει δαπάνην 130.000.000 δραχμῶν.

Διὰ κυβερνητικῆς ἀποφάσεως
Ἡ Γιουγκοσλαβία ἐπεκτείνει τὰ χωρικὰ τῆς ὕδατα ἀλλὰ ἐπιτρέπει εἰς πλοῖα
ΑΝΕΥ ΠΡΟΗΓΟΥΜΕΝΗΣ ΕΓΚΡΙΣΕΩΣ
ΤΙΘΕΤΑΙ ΜΙΚΡΟΣ ΜΟΝΟΝ ΠΕΡΙΟΡΙΣΜΟΣ ΔΙΑ ΤΑΣ ΚΙΝΗΣΕΙΣ ΠΟΛΕΜΙΚΩΝ ΣΚΑΦΩΝ

ΒΕΛΙΓΡΑΔΙΟΝ, 13. — Διὰ κυβερνητικῆς ἀποφάσεως ἡ Γιουγκοσλαβία ἐπεκτείνει τὰ χωρικά της ὕδατα ἀπὸ 6 εἰς 10 μίλια. Ἐπιτρέπεται ὅμως ἡ ἐλευθέρα διέλευσις τῶν ἐμπορικῶν πλοίων ἄνευ προηγουμένης ἐγκρίσεως.

ΒΕΛΙΓΡΑΔΙΟΝ, 13. — Διὰ κυβερνητικῆς ἀποφάσεως ἡ Γιουγκοσλαβία ἐπεκτείνει τὰ χωρικά της ὕδατα ἀπὸ 6 εἰς 10 μίλια. Ἐπιτρέπεται ὅμως ἡ ἐλευθέρα διέλευσις τῶν ἐμπορικῶν πλοίων ἄνευ προηγουμένης ἐγκρίσεως.

Κατὰ τὸν ρωσικὸν τύπον
Ὁ γκαγκστερισμὸς λαμβάνει ἐπικινδύνους διαστάσεις εἰς τὴν Σοβιετικὴν Ἕνωσιν
Αἱ λῃστεῖαι καὶ αἱ δολοφονίαι καθημερινὰ πλέον γεγονότα
ΖΗΤΟΥΝΤΑΙ ΑΥΣΤΗΡΟΤΑΤΑΙ ΠΟΙΝΑΙ

ΜΟΣΧΑ, 13. (Ἀσ. Πρές). — Ἡ «Κομσομόλσκαγια Πράβντα» ἐπισημαίνει τὴν ἀνησυχητικὴν αὔξησιν τῶν λῃστειῶν καὶ τῶν δολοφονιῶν εἰς τὰς μεγάλας πόλεις τῆς χώρας καὶ ζητεῖ τὴν ἐπιβολὴν αὐστηροτάτων ποινῶν κατὰ τῶν ἐνόχων.

ΜΟΣΧΑ, 13. (Ἀσ. Πρές). — Ἡ «Κομσομόλσκαγια Πράβντα» ἐπισημαίνει τὴν ἀνησυχητικὴν αὔξησιν τῶν λῃστειῶν καὶ τῶν δολοφονιῶν εἰς τὰς μεγάλας πόλεις τῆς χώρας καὶ ζητεῖ τὴν ἐπιβολὴν αὐστηροτάτων ποινῶν κατὰ τῶν ἐνόχων.

ΒΡΕΤΑΝΝΟΣ ΕΚΚΕΝΤΡΙΚΟΣ
Θὰ διαπλεύσῃ τὴν Μάγχην κλεισμένος ἐντὸς φιάλης
ΕΠΕΤΥΧΕ ΤΟ ΙΔΙΟΝ ΕΠΙΒΑΙΝΩΝ ΠΛΩΤΗΣ ΚΛΙΝΗΣ ΚΑΙ ΒΑΡΕΛΙΟΥ.— ΘΑ ΚΙΝΗΤΑΙ ΜΕ ΜΙΚΡΟΝ ΕΞΩΛΕΜΒΙΟΝ ΚΙΝΗΤΗΡΑ.

ΛΟΝΔΙΝΟΝ, 13. (Ἀσ. Πρές). — Ὁ Βρεταννὸς ἐκκεντρικὸς ὁ ὁποῖος ἔχει ἤδη διαπλεύσει τὴν Μάγχην ἐπὶ πλωτῆς κλίνης καὶ βαρελίου, ἀνεκοίνωσεν ὅτι θὰ ἐπιχειρήσῃ τὸν διάπλουν κλεισμένος ἐντὸς μεγάλης φιάλης.

ΛΟΝΔΙΝΟΝ, 13. (Ἀσ. Πρές). — Ὁ Βρεταννὸς ἐκκεντρικὸς ὁ ὁποῖος ἔχει ἤδη διαπλεύσει τὴν Μάγχην ἐπὶ πλωτῆς κλίνης καὶ βαρελίου, ἀνεκοίνωσεν ὅτι θὰ ἐπιχειρήσῃ τὸν διάπλουν κλεισμένος ἐντὸς μεγάλης φιάλης.

Η ΟΜΙΛΙΑ ΤΟΥ ΚΑΘΗΓΗΤΟΥ κ. ΠΑΝΑΓΙΩΤΑΚΟΥ

Ὑπὸ τοῦ Συνδέσμου τῶν φίλων τοῦ Ἄθω, ὠργανώθη εἰς τὴν αἴθουσαν τῆς Ἑταιρείας Μακεδονικῶν Σπουδῶν, διάλεξις τοῦ καθηγητοῦ τοῦ πανεπιστημίου κ. Παναγιωτάκου. Ἀνωτέρω, ὁ ὁμιλητὴς καὶ μέρος τοῦ ἀκροατηρίου κατὰ τὴν ὁμιλίαν.

(Ἡ ἀρχὴ ἀπάντων εἰς τὴν 4ην σελίδα).
